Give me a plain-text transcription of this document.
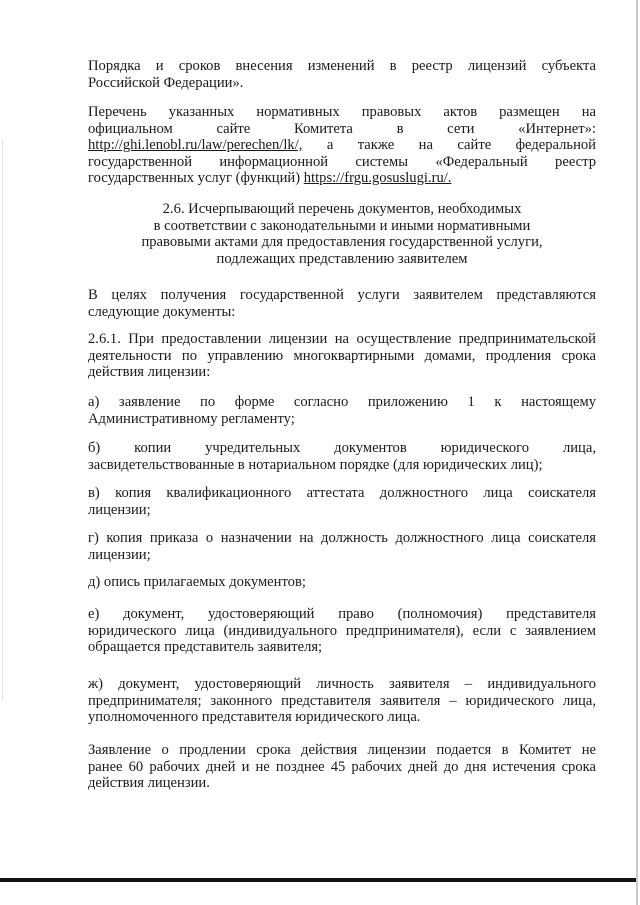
Порядка и сроков внесения изменений в реестр лицензий субъекта
Российской Федерации».
Перечень указанных нормативных правовых актов размещен на
официальном сайте Комитета в сети «Интернет»:
http://ghi.lenobl.ru/law/perechen/lk/, а также на сайте федеральной
государственной информационной системы «Федеральный реестр
государственных услуг (функций) https://frgu.gosuslugi.ru/.
2.6. Исчерпывающий перечень документов, необходимых
в соответствии с законодательными и иными нормативными
правовыми актами для предоставления государственной услуги,
подлежащих представлению заявителем
В целях получения государственной услуги заявителем представляются
следующие документы:
2.6.1. При предоставлении лицензии на осуществление предпринимательской
деятельности по управлению многоквартирными домами, продления срока
действия лицензии:
а) заявление по форме согласно приложению 1 к настоящему
Административному регламенту;
б) копии учредительных документов юридического лица,
засвидетельствованные в нотариальном порядке (для юридических лиц);
в) копия квалификационного аттестата должностного лица соискателя
лицензии;
г) копия приказа о назначении на должность должностного лица соискателя
лицензии;
д) опись прилагаемых документов;
е) документ, удостоверяющий право (полномочия) представителя
юридического лица (индивидуального предпринимателя), если с заявлением
обращается представитель заявителя;
ж) документ, удостоверяющий личность заявителя – индивидуального
предпринимателя; законного представителя заявителя – юридического лица,
уполномоченного представителя юридического лица.
Заявление о продлении срока действия лицензии подается в Комитет не
ранее 60 рабочих дней и не позднее 45 рабочих дней до дня истечения срока
действия лицензии.
